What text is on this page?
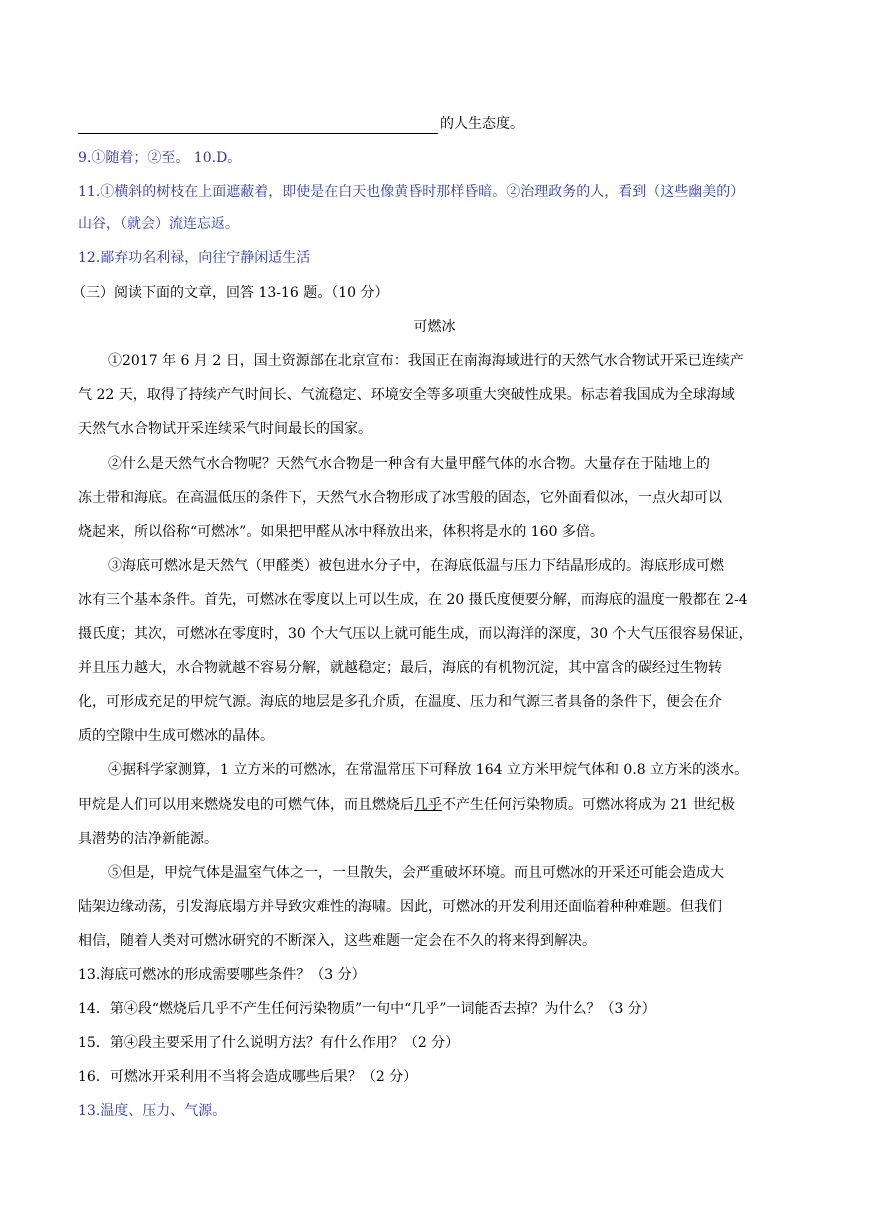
的人生态度。
9.①随着；②至。 10.D。
11.①横斜的树枝在上面遮蔽着，即使是在白天也像黄昏时那样昏暗。②治理政务的人，看到（这些幽美的）
山谷，（就会）流连忘返。
12.鄙弃功名利禄，向往宁静闲适生活
（三）阅读下面的文章，回答 13-16 题。（10 分）
可燃冰
①2017 年 6 月 2 日，国土资源部在北京宣布：我国正在南海海域进行的天然气水合物试开采已连续产
气 22 天，取得了持续产气时间长、气流稳定、环境安全等多项重大突破性成果。标志着我国成为全球海域
天然气水合物试开采连续采气时间最长的国家。
②什么是天然气水合物呢？天然气水合物是一种含有大量甲醛气体的水合物。大量存在于陆地上的
冻土带和海底。在高温低压的条件下，天然气水合物形成了冰雪般的固态，它外面看似冰，一点火却可以
烧起来，所以俗称“可燃冰”。如果把甲醛从冰中释放出来，体积将是水的 160 多倍。
③海底可燃冰是天然气（甲醛类）被包进水分子中，在海底低温与压力下结晶形成的。海底形成可燃
冰有三个基本条件。首先，可燃冰在零度以上可以生成，在 20 摄氏度便要分解，而海底的温度一般都在 2-4
摄氏度；其次，可燃冰在零度时，30 个大气压以上就可能生成，而以海洋的深度，30 个大气压很容易保证，
并且压力越大，水合物就越不容易分解，就越稳定；最后，海底的有机物沉淀，其中富含的碳经过生物转
化，可形成充足的甲烷气源。海底的地层是多孔介质，在温度、压力和气源三者具备的条件下，便会在介
质的空隙中生成可燃冰的晶体。
④据科学家测算，1 立方米的可燃冰，在常温常压下可释放 164 立方米甲烷气体和 0.8 立方米的淡水。
甲烷是人们可以用来燃烧发电的可燃气体，而且燃烧后几乎不产生任何污染物质。可燃冰将成为 21 世纪极
具潜势的洁净新能源。
⑤但是，甲烷气体是温室气体之一，一旦散失，会严重破坏环境。而且可燃冰的开采还可能会造成大
陆架边缘动荡，引发海底塌方并导致灾难性的海啸。因此，可燃冰的开发利用还面临着种种难题。但我们
相信，随着人类对可燃冰研究的不断深入，这些难题一定会在不久的将来得到解决。
13.海底可燃冰的形成需要哪些条件？（3 分）
14．第④段“燃烧后几乎不产生任何污染物质”一句中“几乎”一词能否去掉？为什么？（3 分）
15．第④段主要采用了什么说明方法？有什么作用？（2 分）
16．可燃冰开采利用不当将会造成哪些后果？（2 分）
13.温度、压力、气源。
